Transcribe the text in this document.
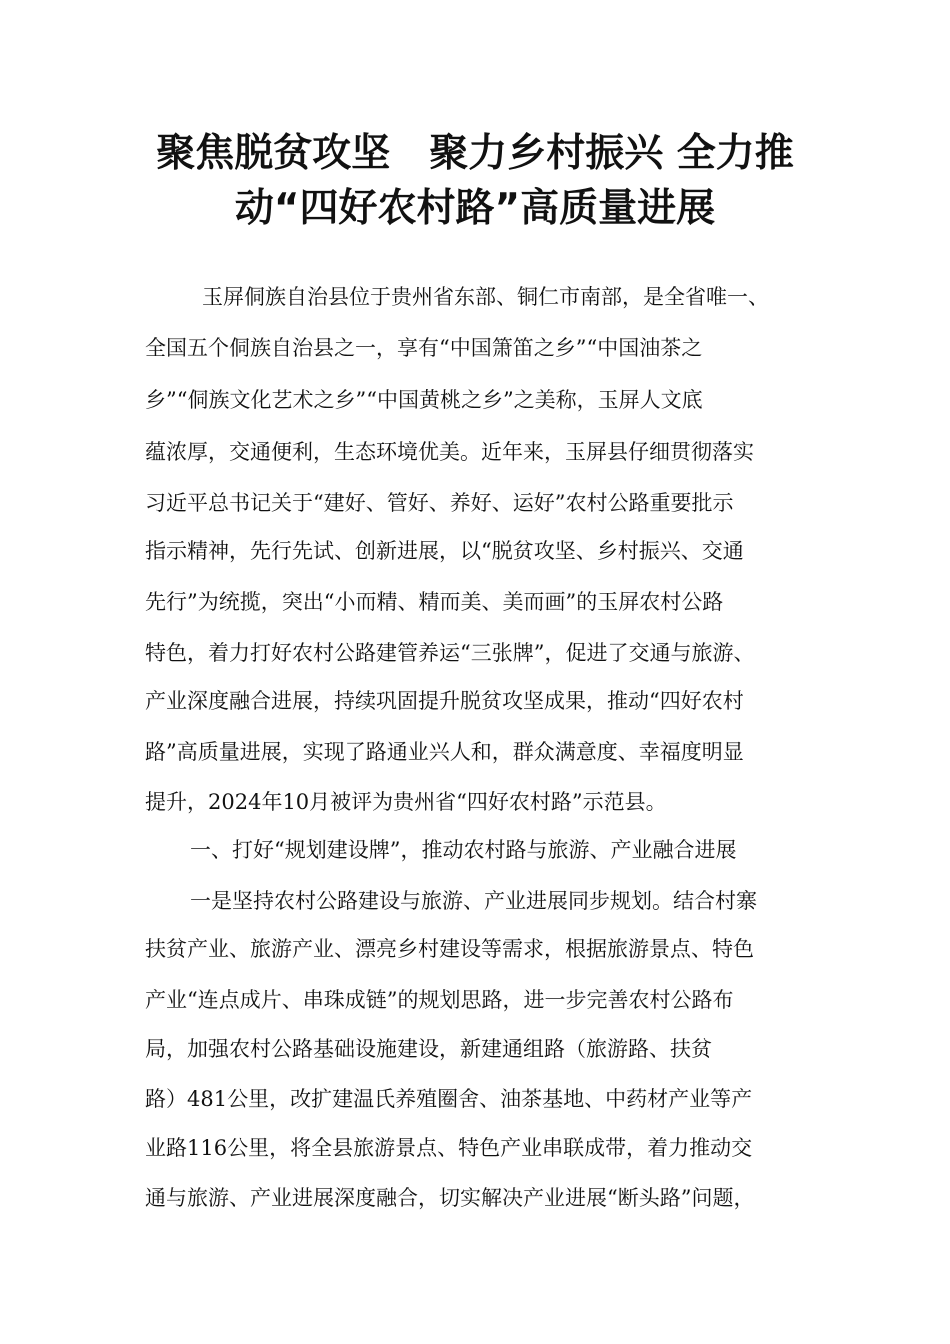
聚焦脱贫攻坚　聚力乡村振兴 全力推
动“四好农村路”高质量进展

玉屏侗族自治县位于贵州省东部、铜仁市南部，是全省唯一、

全国五个侗族自治县之一，享有“中国箫笛之乡”“中国油茶之

乡”“侗族文化艺术之乡”“中国黄桃之乡”之美称，玉屏人文底

蕴浓厚，交通便利，生态环境优美。近年来，玉屏县仔细贯彻落实

习近平总书记关于“建好、管好、养好、运好”农村公路重要批示

指示精神，先行先试、创新进展，以“脱贫攻坚、乡村振兴、交通

先行”为统揽，突出“小而精、精而美、美而画”的玉屏农村公路

特色，着力打好农村公路建管养运“三张牌”，促进了交通与旅游、

产业深度融合进展，持续巩固提升脱贫攻坚成果，推动“四好农村

路”高质量进展，实现了路通业兴人和，群众满意度、幸福度明显

提升，2024年10月被评为贵州省“四好农村路”示范县。

一、打好“规划建设牌”，推动农村路与旅游、产业融合进展

一是坚持农村公路建设与旅游、产业进展同步规划。结合村寨

扶贫产业、旅游产业、漂亮乡村建设等需求，根据旅游景点、特色

产业“连点成片、串珠成链”的规划思路，进一步完善农村公路布

局，加强农村公路基础设施建设，新建通组路（旅游路、扶贫

路）481公里，改扩建温氏养殖圈舍、油茶基地、中药材产业等产

业路116公里，将全县旅游景点、特色产业串联成带，着力推动交

通与旅游、产业进展深度融合，切实解决产业进展“断头路”问题，
